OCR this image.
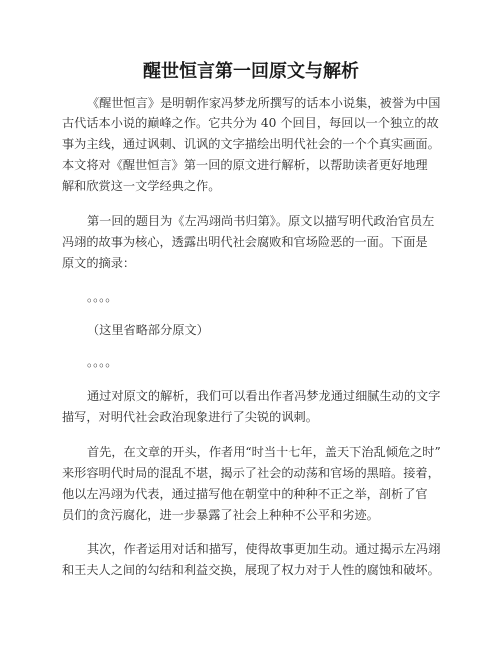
醒世恒言第一回原文与解析

《醒世恒言》是明朝作家冯梦龙所撰写的话本小说集，被誉为中国

古代话本小说的巅峰之作。它共分为 40 个回目，每回以一个独立的故

事为主线，通过讽刺、讥讽的文字描绘出明代社会的一个个真实画面。

本文将对《醒世恒言》第一回的原文进行解析，以帮助读者更好地理

解和欣赏这一文学经典之作。

第一回的题目为《左冯翊尚书归第》。原文以描写明代政治官员左

冯翊的故事为核心，透露出明代社会腐败和官场险恶的一面。下面是

原文的摘录：

。。。。

（这里省略部分原文）

。。。。

通过对原文的解析，我们可以看出作者冯梦龙通过细腻生动的文字

描写，对明代社会政治现象进行了尖锐的讽刺。

首先，在文章的开头，作者用“时当十七年，盖天下治乱倾危之时”

来形容明代时局的混乱不堪，揭示了社会的动荡和官场的黑暗。接着，

他以左冯翊为代表，通过描写他在朝堂中的种种不正之举，剖析了官

员们的贪污腐化，进一步暴露了社会上种种不公平和劣迹。

其次，作者运用对话和描写，使得故事更加生动。通过揭示左冯翊

和王夫人之间的勾结和利益交换，展现了权力对于人性的腐蚀和破坏。
